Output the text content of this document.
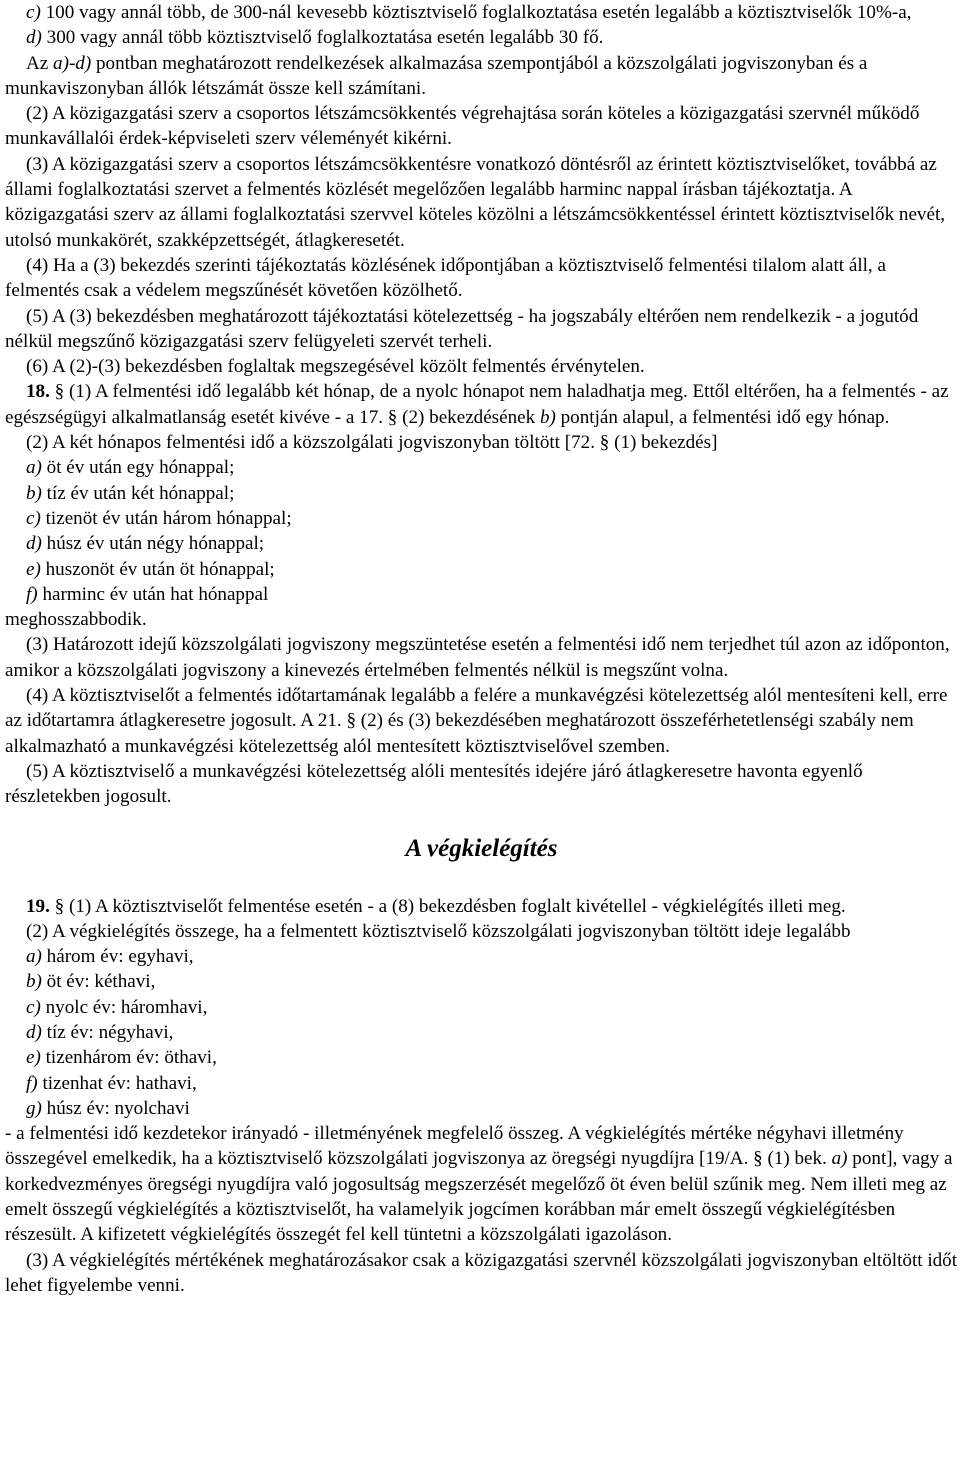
c) 100 vagy annál több, de 300-nál kevesebb köztisztviselő foglalkoztatása esetén legalább a köztisztviselők 10%-a,

d) 300 vagy annál több köztisztviselő foglalkoztatása esetén legalább 30 fő.

Az a)-d) pontban meghatározott rendelkezések alkalmazása szempontjából a közszolgálati jogviszonyban és a munkaviszonyban állók létszámát össze kell számítani.

(2) A közigazgatási szerv a csoportos létszámcsökkentés végrehajtása során köteles a közigazgatási szervnél működő munkavállalói érdek-képviseleti szerv véleményét kikérni.

(3) A közigazgatási szerv a csoportos létszámcsökkentésre vonatkozó döntésről az érintett köztisztviselőket, továbbá az állami foglalkoztatási szervet a felmentés közlését megelőzően legalább harminc nappal írásban tájékoztatja. A közigazgatási szerv az állami foglalkoztatási szervvel köteles közölni a létszámcsökkentéssel érintett köztisztviselők nevét, utolsó munkakörét, szakképzettségét, átlagkeresetét.

(4) Ha a (3) bekezdés szerinti tájékoztatás közlésének időpontjában a köztisztviselő felmentési tilalom alatt áll, a felmentés csak a védelem megszűnését követően közölhető.

(5) A (3) bekezdésben meghatározott tájékoztatási kötelezettség - ha jogszabály eltérően nem rendelkezik - a jogutód nélkül megszűnő közigazgatási szerv felügyeleti szervét terheli.

(6) A (2)-(3) bekezdésben foglaltak megszegésével közölt felmentés érvénytelen.

18. § (1) A felmentési idő legalább két hónap, de a nyolc hónapot nem haladhatja meg. Ettől eltérően, ha a felmentés - az egészségügyi alkalmatlanság esetét kivéve - a 17. § (2) bekezdésének b) pontján alapul, a felmentési idő egy hónap.

(2) A két hónapos felmentési idő a közszolgálati jogviszonyban töltött [72. § (1) bekezdés]

a) öt év után egy hónappal;

b) tíz év után két hónappal;

c) tizenöt év után három hónappal;

d) húsz év után négy hónappal;

e) huszonöt év után öt hónappal;

f) harminc év után hat hónappal

meghosszabbodik.

(3) Határozott idejű közszolgálati jogviszony megszüntetése esetén a felmentési idő nem terjedhet túl azon az időponton, amikor a közszolgálati jogviszony a kinevezés értelmében felmentés nélkül is megszűnt volna.

(4) A köztisztviselőt a felmentés időtartamának legalább a felére a munkavégzési kötelezettség alól mentesíteni kell, erre az időtartamra átlagkeresetre jogosult. A 21. § (2) és (3) bekezdésében meghatározott összeférhetetlenségi szabály nem alkalmazható a munkavégzési kötelezettség alól mentesített köztisztviselővel szemben.

(5) A köztisztviselő a munkavégzési kötelezettség alóli mentesítés idejére járó átlagkeresetre havonta egyenlő részletekben jogosult.

A végkielégítés

19. § (1) A köztisztviselőt felmentése esetén - a (8) bekezdésben foglalt kivétellel - végkielégítés illeti meg.

(2) A végkielégítés összege, ha a felmentett köztisztviselő közszolgálati jogviszonyban töltött ideje legalább

a) három év: egyhavi,

b) öt év: kéthavi,

c) nyolc év: háromhavi,

d) tíz év: négyhavi,

e) tizenhárom év: öthavi,

f) tizenhat év: hathavi,

g) húsz év: nyolchavi

- a felmentési idő kezdetekor irányadó - illetményének megfelelő összeg. A végkielégítés mértéke négyhavi illetmény összegével emelkedik, ha a köztisztviselő közszolgálati jogviszonya az öregségi nyugdíjra [19/A. § (1) bek. a) pont], vagy a korkedvezményes öregségi nyugdíjra való jogosultság megszerzését megelőző öt éven belül szűnik meg. Nem illeti meg az emelt összegű végkielégítés a köztisztviselőt, ha valamelyik jogcímen korábban már emelt összegű végkielégítésben részesült. A kifizetett végkielégítés összegét fel kell tüntetni a közszolgálati igazoláson.

(3) A végkielégítés mértékének meghatározásakor csak a közigazgatási szervnél közszolgálati jogviszonyban eltöltött időt lehet figyelembe venni.
